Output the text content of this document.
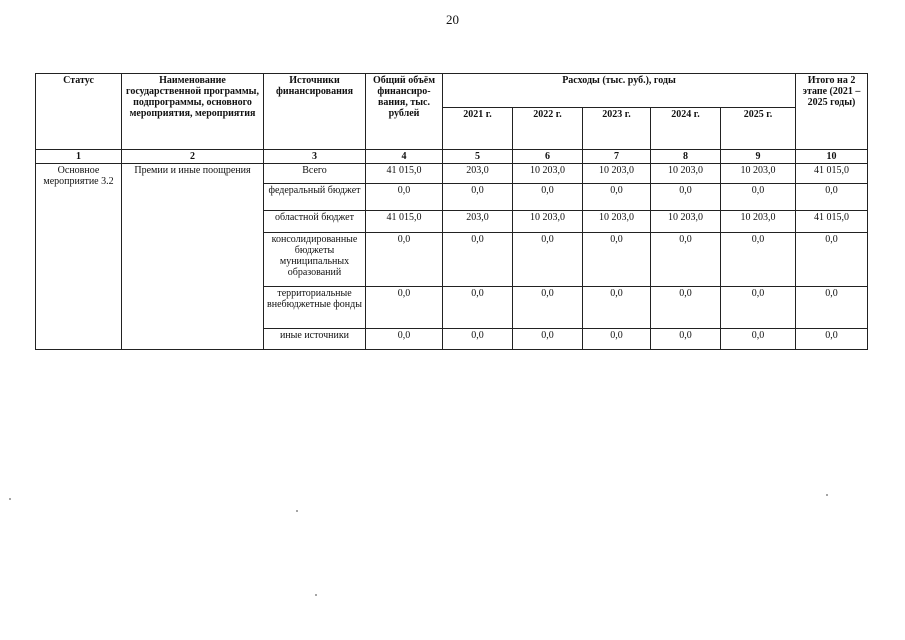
20
Статус	Наименование государственной программы, подпрограммы, основного мероприятия, мероприятия	Источники финансирования	Общий объём финансиро-вания, тыс. рублей	Расходы (тыс. руб.), годы					Итого на 2 этапе (2021 – 2025 годы)
				2021 г.	2022 г.	2023 г.	2024 г.	2025 г.	
1	2	3	4	5	6	7	8	9	10
Основное мероприятие 3.2	Премии и иные поощрения	Всего	41 015,0	203,0	10 203,0	10 203,0	10 203,0	10 203,0	41 015,0
		федеральный бюджет	0,0	0,0	0,0	0,0	0,0	0,0	0,0
		областной бюджет	41 015,0	203,0	10 203,0	10 203,0	10 203,0	10 203,0	41 015,0
		консолидированные бюджеты муниципальных образований	0,0	0,0	0,0	0,0	0,0	0,0	0,0
		территориальные внебюджетные фонды	0,0	0,0	0,0	0,0	0,0	0,0	0,0
		иные источники	0,0	0,0	0,0	0,0	0,0	0,0	0,0
